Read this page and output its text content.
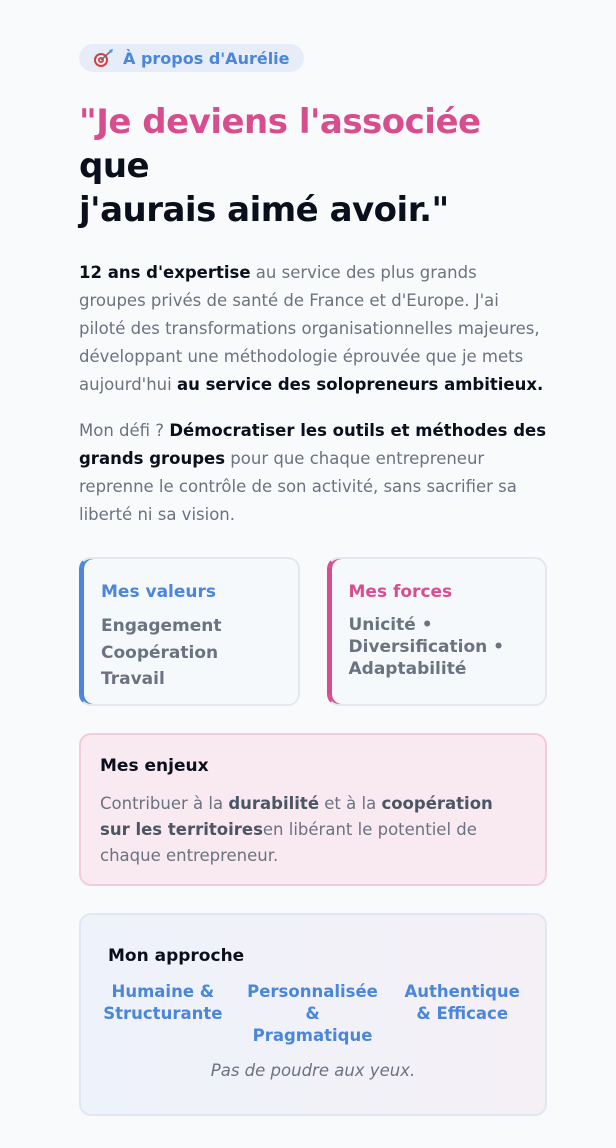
À propos d'Aurélie
"Je deviens l'associée que
j'aurais aimé avoir."

12 ans d'expertise au service des plus grands groupes privés de santé de France et d'Europe. J'ai piloté des transformations organisationnelles majeures, développant une méthodologie éprouvée que je mets aujourd'hui au service des solopreneurs ambitieux.

Mon défi ? Démocratiser les outils et méthodes des grands groupes pour que chaque entrepreneur reprenne le contrôle de son activité, sans sacrifier sa liberté ni sa vision.

Mes valeurs
Engagement
Coopération
Travail
Mes forces
Unicité •
Diversification •
Adaptabilité
Mes enjeux

Contribuer à la durabilité et à la coopération sur les territoiresen libérant le potentiel de chaque entrepreneur.

Mon approche
Humaine &
Structurante
Personnalisée
&
Pragmatique
Authentique
& Efficace
Pas de poudre aux yeux.
